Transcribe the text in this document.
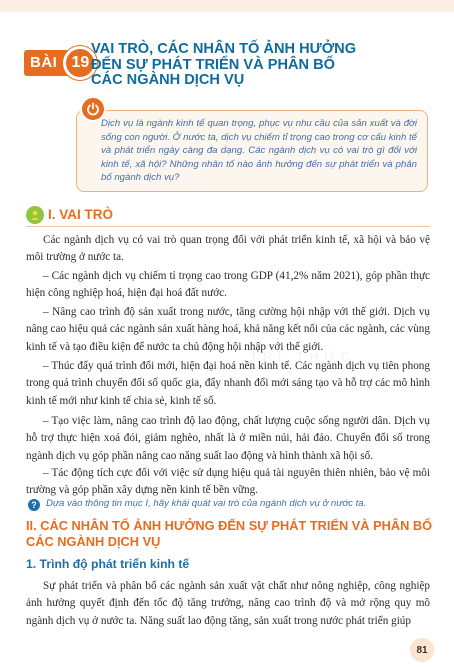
BÀI 19
VAI TRÒ, CÁC NHÂN TỐ ẢNH HƯỞNG
ĐẾN SỰ PHÁT TRIỂN VÀ PHÂN BỐ
CÁC NGÀNH DỊCH VỤ

Dịch vụ là ngành kinh tế quan trọng, phục vụ nhu cầu của sản xuất và đời sống con người. Ở nước ta, dịch vụ chiếm tỉ trọng cao trong cơ cấu kinh tế và phát triển ngày càng đa dạng. Các ngành dịch vụ có vai trò gì đối với kinh tế, xã hội? Những nhân tố nào ảnh hưởng đến sự phát triển và phân bố ngành dịch vụ?

I. VAI TRÒ
TRI THỨC

Các ngành dịch vụ có vai trò quan trọng đối với phát triển kinh tế, xã hội và bảo vệ môi trường ở nước ta.

– Các ngành dịch vụ chiếm tỉ trọng cao trong GDP (41,2% năm 2021), góp phần thực hiện công nghiệp hoá, hiện đại hoá đất nước.

– Nâng cao trình độ sản xuất trong nước, tăng cường hội nhập với thế giới. Dịch vụ nâng cao hiệu quả các ngành sản xuất hàng hoá, khả năng kết nối của các ngành, các vùng kinh tế và tạo điều kiện để nước ta chủ động hội nhập với thế giới.

– Thúc đẩy quá trình đổi mới, hiện đại hoá nền kinh tế. Các ngành dịch vụ tiên phong trong quá trình chuyển đổi số quốc gia, đẩy nhanh đổi mới sáng tạo và hỗ trợ các mô hình kinh tế mới như kinh tế chia sẻ, kinh tế số.

– Tạo việc làm, nâng cao trình độ lao động, chất lượng cuộc sống người dân. Dịch vụ hỗ trợ thực hiện xoá đói, giảm nghèo, nhất là ở miền núi, hải đảo. Chuyển đổi số trong ngành dịch vụ góp phần nâng cao năng suất lao động và hình thành xã hội số.

– Tác động tích cực đối với việc sử dụng hiệu quả tài nguyên thiên nhiên, bảo vệ môi trường và góp phần xây dựng nền kinh tế bền vững.

? Dựa vào thông tin mục I, hãy khái quát vai trò của ngành dịch vụ ở nước ta.
II. CÁC NHÂN TỐ ẢNH HƯỞNG ĐẾN SỰ PHÁT TRIỂN VÀ PHÂN BỐ
CÁC NGÀNH DỊCH VỤ
1. Trình độ phát triển kinh tế

Sự phát triển và phân bố các ngành sản xuất vật chất như nông nghiệp, công nghiệp ảnh hưởng quyết định đến tốc độ tăng trưởng, nâng cao trình độ và mở rộng quy mô ngành dịch vụ ở nước ta. Năng suất lao động tăng, sản xuất trong nước phát triển giúp

81
